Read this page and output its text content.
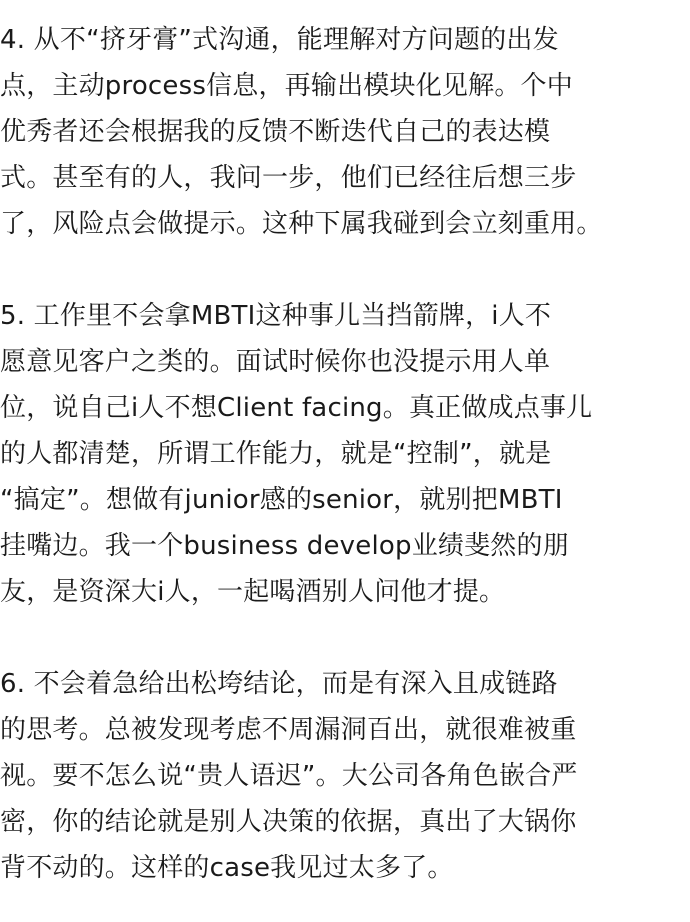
4. 从不“挤牙膏”式沟通，能理解对方问题的出发
点，主动process信息，再输出模块化见解。个中
优秀者还会根据我的反馈不断迭代自己的表达模
式。甚至有的人，我问一步，他们已经往后想三步
了，风险点会做提示。这种下属我碰到会立刻重用。
5. 工作里不会拿MBTI这种事儿当挡箭牌，i人不
愿意见客户之类的。面试时候你也没提示用人单
位，说自己i人不想Client facing。真正做成点事儿
的人都清楚，所谓工作能力，就是“控制”，就是
“搞定”。想做有junior感的senior，就别把MBTI
挂嘴边。我一个business develop业绩斐然的朋
友，是资深大i人，一起喝酒别人问他才提。
6. 不会着急给出松垮结论，而是有深入且成链路
的思考。总被发现考虑不周漏洞百出，就很难被重
视。要不怎么说“贵人语迟”。大公司各角色嵌合严
密，你的结论就是别人决策的依据，真出了大锅你
背不动的。这样的case我见过太多了。
